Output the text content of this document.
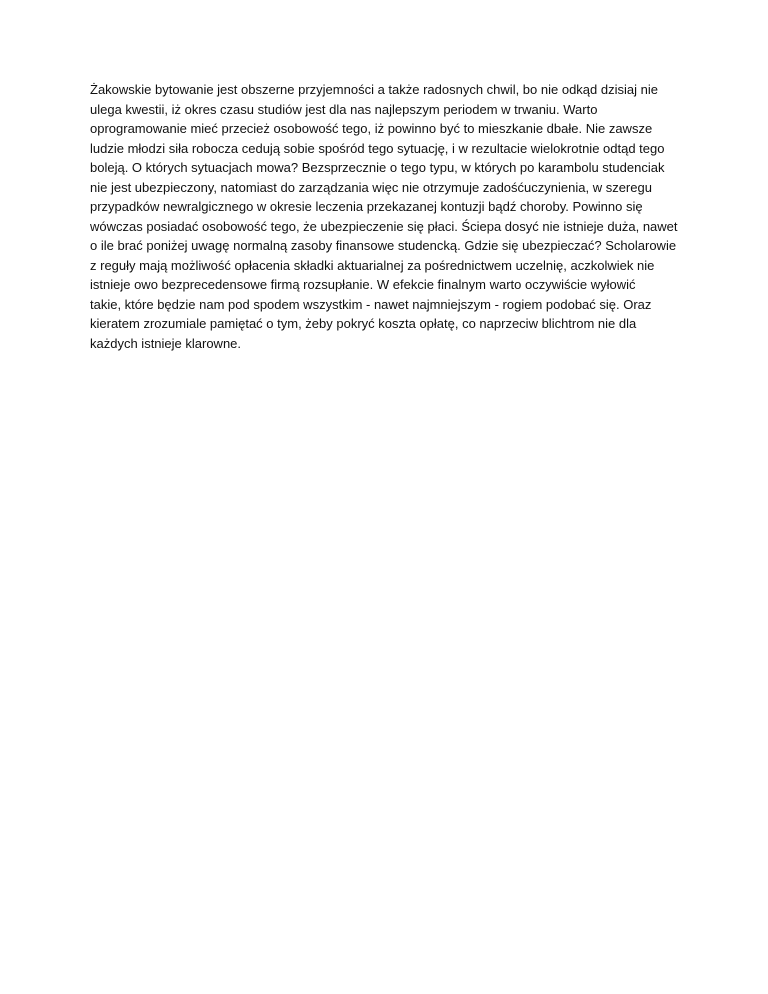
Żakowskie bytowanie jest obszerne przyjemności a także radosnych chwil, bo nie odkąd dzisiaj nie
ulega kwestii, iż okres czasu studiów jest dla nas najlepszym periodem w trwaniu. Warto
oprogramowanie mieć przecież osobowość tego, iż powinno być to mieszkanie dbałe. Nie zawsze
ludzie młodzi siła robocza cedują sobie spośród tego sytuację, i w rezultacie wielokrotnie odtąd tego
boleją. O których sytuacjach mowa? Bezsprzecznie o tego typu, w których po karambolu studenciak
nie jest ubezpieczony, natomiast do zarządzania więc nie otrzymuje zadośćuczynienia, w szeregu
przypadków newralgicznego w okresie leczenia przekazanej kontuzji bądź choroby. Powinno się
wówczas posiadać osobowość tego, że ubezpieczenie się płaci. Ściepa dosyć nie istnieje duża, nawet
o ile brać poniżej uwagę normalną zasoby finansowe studencką. Gdzie się ubezpieczać? Scholarowie
z reguły mają możliwość opłacenia składki aktuarialnej za pośrednictwem uczelnię, aczkolwiek nie
istnieje owo bezprecedensowe firmą rozsupłanie. W efekcie finalnym warto oczywiście wyłowić
takie, które będzie nam pod spodem wszystkim - nawet najmniejszym - rogiem podobać się. Oraz
kieratem zrozumiale pamiętać o tym, żeby pokryć koszta opłatę, co naprzeciw blichtrom nie dla
każdych istnieje klarowne.
